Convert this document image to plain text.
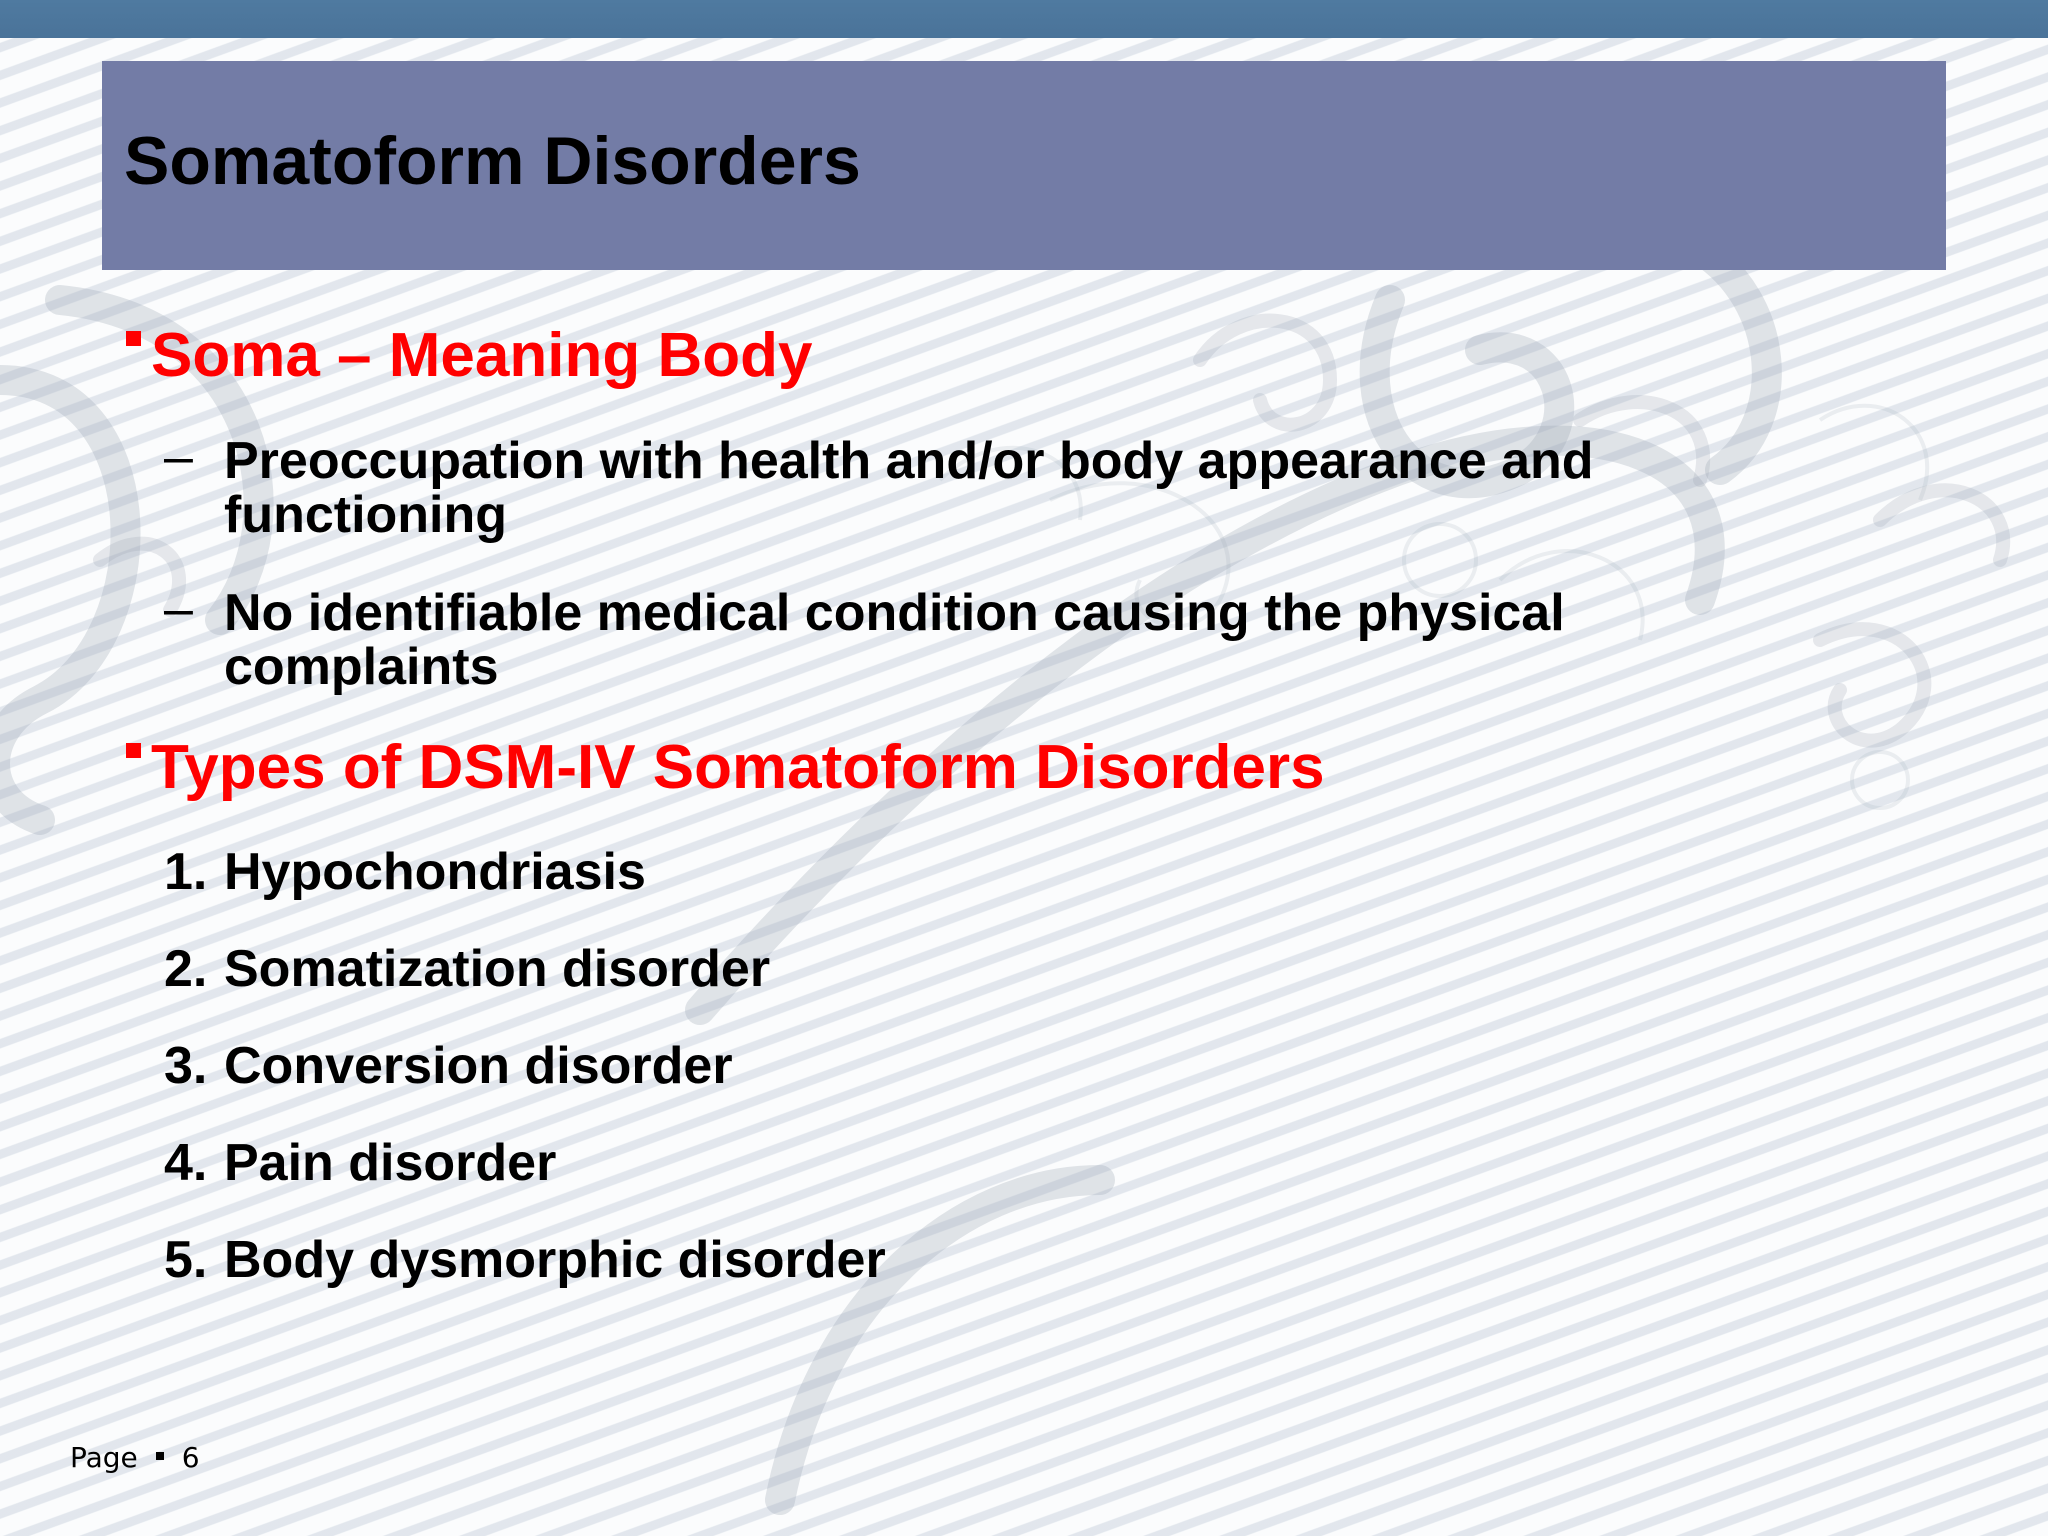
Somatoform Disorders
Soma – Meaning Body
– Preoccupation with health and/or body appearance and functioning
– No identifiable medical condition causing the physical complaints
Types of DSM-IV Somatoform Disorders
1. Hypochondriasis
2. Somatization disorder
3. Conversion disorder
4. Pain disorder
5. Body dysmorphic disorder
Page 6
